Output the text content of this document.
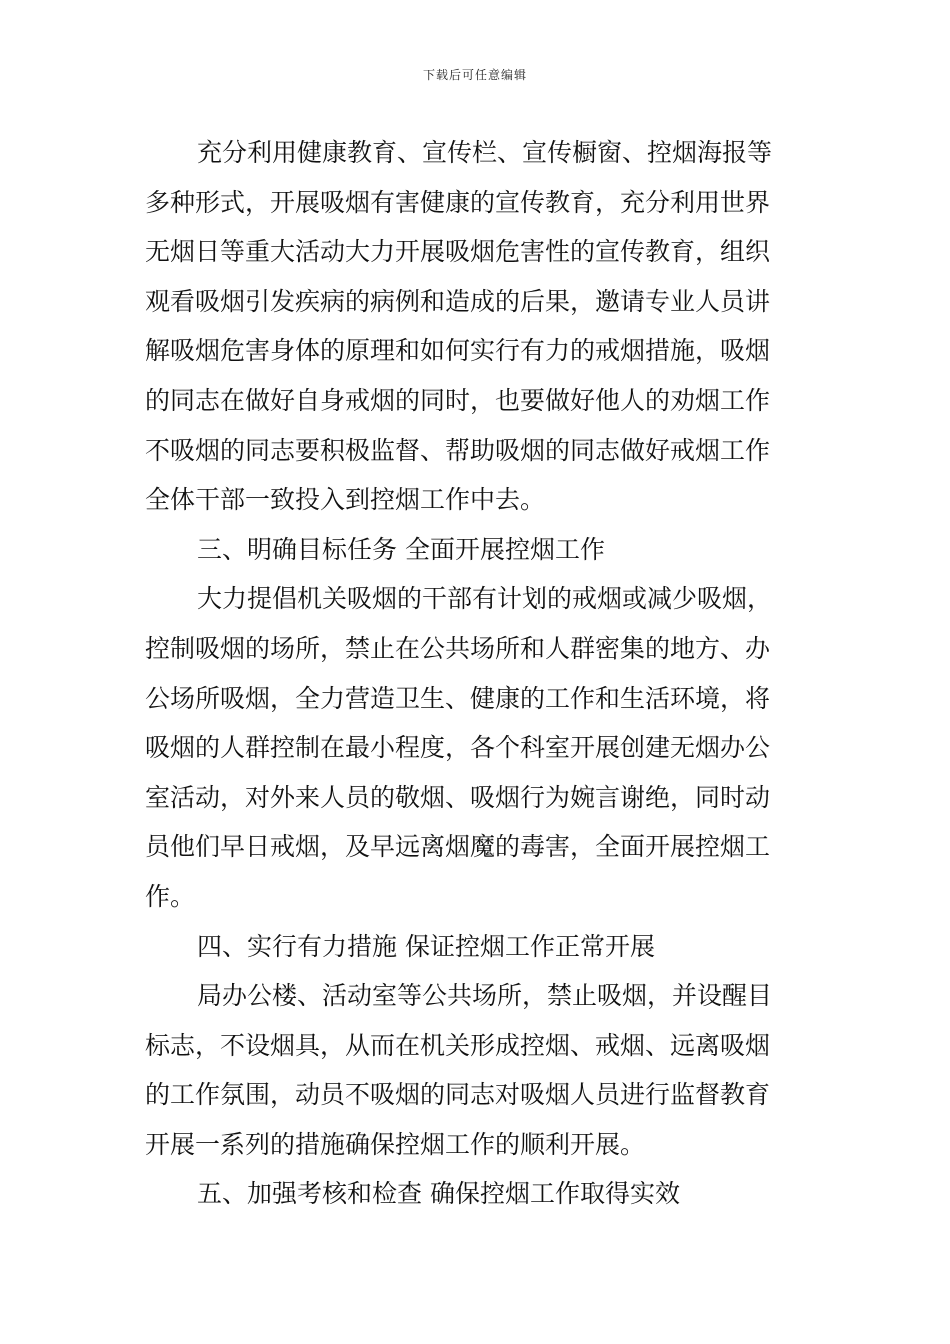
下载后可任意编辑
充分利用健康教育、宣传栏、宣传橱窗、控烟海报等
多种形式，开展吸烟有害健康的宣传教育，充分利用世界
无烟日等重大活动大力开展吸烟危害性的宣传教育，组织
观看吸烟引发疾病的病例和造成的后果，邀请专业人员讲
解吸烟危害身体的原理和如何实行有力的戒烟措施，吸烟
的同志在做好自身戒烟的同时，也要做好他人的劝烟工作
不吸烟的同志要积极监督、帮助吸烟的同志做好戒烟工作
全体干部一致投入到控烟工作中去。
三、明确目标任务 全面开展控烟工作
大力提倡机关吸烟的干部有计划的戒烟或减少吸烟，
控制吸烟的场所，禁止在公共场所和人群密集的地方、办
公场所吸烟，全力营造卫生、健康的工作和生活环境，将
吸烟的人群控制在最小程度，各个科室开展创建无烟办公
室活动，对外来人员的敬烟、吸烟行为婉言谢绝，同时动
员他们早日戒烟，及早远离烟魔的毒害，全面开展控烟工
作。
四、实行有力措施 保证控烟工作正常开展
局办公楼、活动室等公共场所，禁止吸烟，并设醒目
标志，不设烟具，从而在机关形成控烟、戒烟、远离吸烟
的工作氛围，动员不吸烟的同志对吸烟人员进行监督教育
开展一系列的措施确保控烟工作的顺利开展。
五、加强考核和检查 确保控烟工作取得实效
